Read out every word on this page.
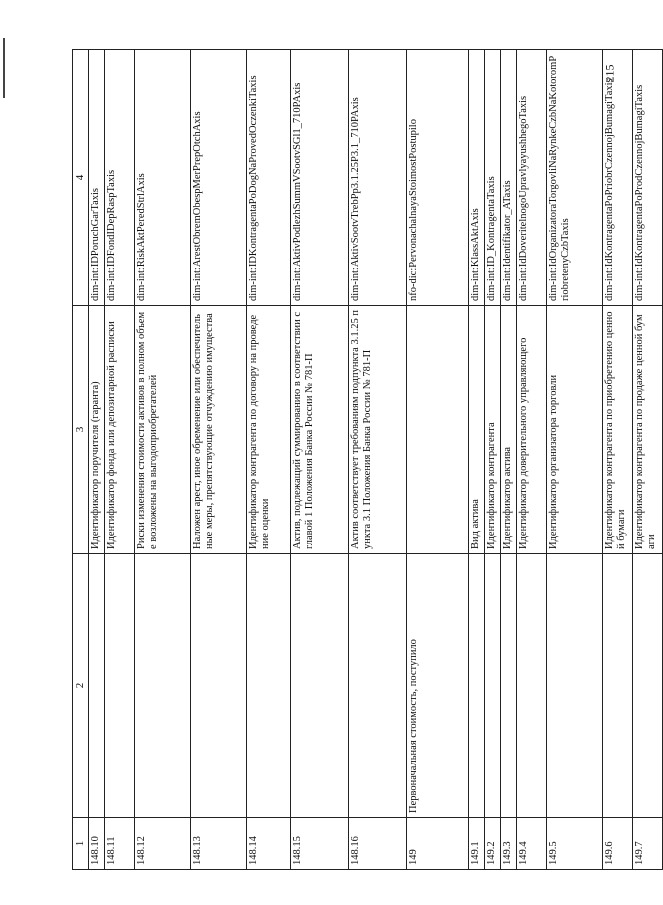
215
1	2	3	4
148.10		Идентификатор поручителя (гаранта)	dim-int:IDPoruchGarTaxis
148.11		Идентификатор фонда или депозитарной расписки	dim-int:IDFondIDepRaspTaxis
148.12		Риски изменения стоимости активов в полном объеме возложены на выгодоприобретателей	dim-int:RiskAktPeredStrlAxis
148.13		Наложен арест, иное обременение или обеспечительные меры, препятствующие отчуждению имущества	dim-int:ArestObremObespMerPrepOtchAxis
148.14		Идентификатор контрагента по договору на проведение оценки	dim-int:IDKontragentaPoDogNaProvedOczenkiTaxis
148.15		Актив, подлежащий суммированию в соответствии с главой 1 Положения Банка России № 781-П	dim-int:AktivPodlezhSummVSootvSGl1_710PAxis
148.16		Актив соответствует требованиям подпункта 3.1.25 пункта 3.1 Положения Банка России № 781-П	dim-int:AktivSootvTrebPp3.1.25P3.1_710PAxis
149	Первоначальная стоимость, поступило		nfo-dic:PervonachalnayaStoimostPostupilo
149.1		Вид актива	dim-int:KlassAktAxis
149.2		Идентификатор контрагента	dim-int:ID_KontragentaTaxis
149.3		Идентификатор актива	dim-int:Identifikator_ATaxis
149.4		Идентификатор доверительного управляющего	dim-int:IdDoveritelnogoUpravlyayushhegoTaxis
149.5		Идентификатор организатора торговли	dim-int:IdOrganizatoraTorgovliNaRynkeCzbNaKotoromPriobretenyCzbTaxis
149.6		Идентификатор контрагента по приобретению ценной бумаги	dim-int:IdKontragentaPoPriobrCzennojBumagiTaxis
149.7		Идентификатор контрагента по продаже ценной бумаги	dim-int:IdKontragentaPoProdCzennojBumagiTaxis
